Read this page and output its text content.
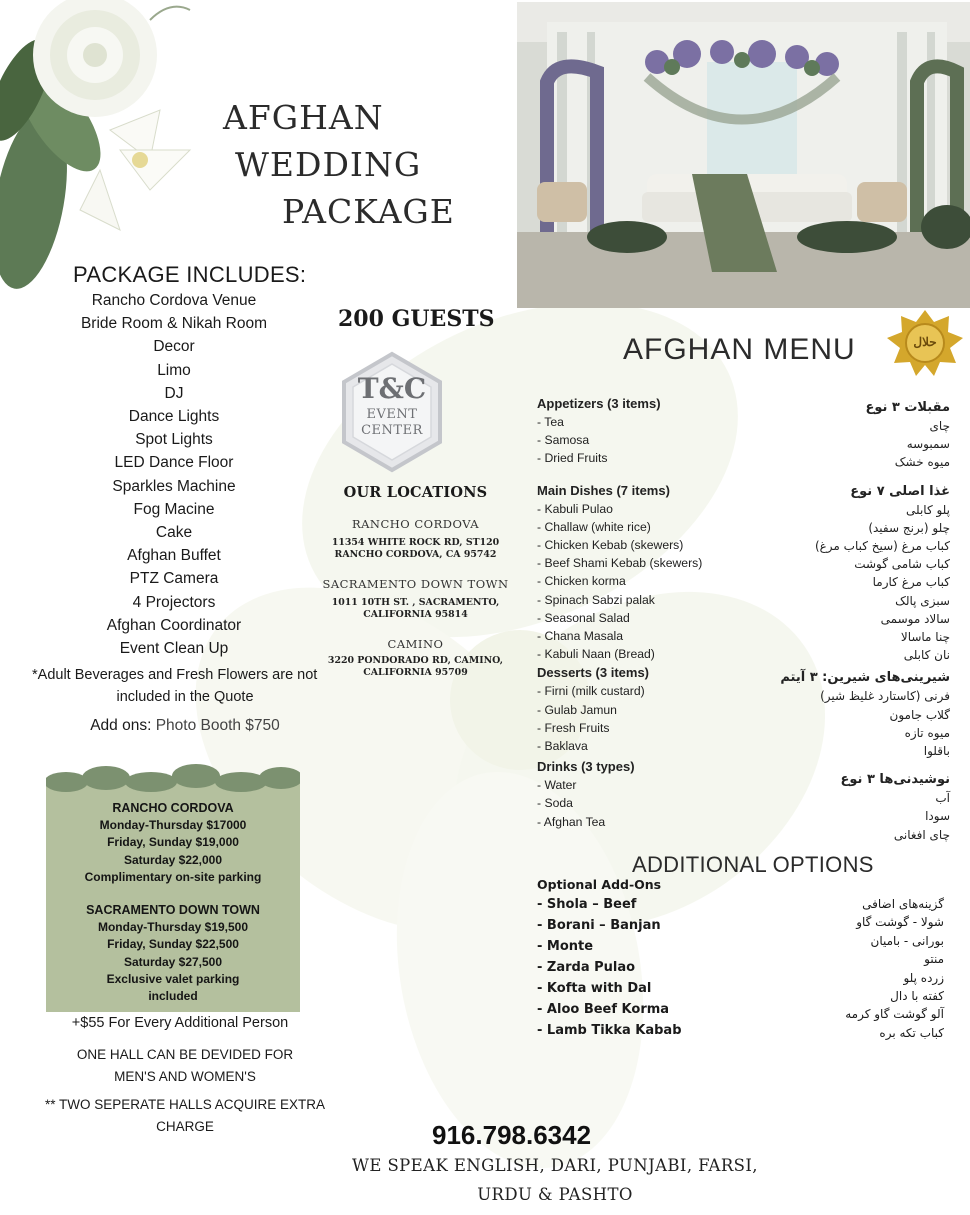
AFGHAN
WEDDING
PACKAGE
PACKAGE INCLUDES:
Rancho Cordova Venue
Bride Room & Nikah Room
Decor
Limo
DJ
Dance Lights
Spot Lights
LED Dance Floor
Sparkles Machine
Fog Macine
Cake
Afghan Buffet
PTZ Camera
4 Projectors
Afghan Coordinator
Event Clean Up
*Adult Beverages and Fresh Flowers are not
included in the Quote
Add ons: Photo Booth $750
200 GUESTS
T&C
EVENT
CENTER
OUR LOCATIONS
RANCHO CORDOVA
11354 WHITE ROCK RD, ST120
RANCHO CORDOVA, CA 95742
SACRAMENTO DOWN TOWN
1011 10TH ST. , SACRAMENTO,
CALIFORNIA 95814
CAMINO
3220 PONDORADO RD, CAMINO,
CALIFORNIA 95709
RANCHO CORDOVA
Monday-Thursday $17000
Friday, Sunday $19,000
Saturday $22,000
Complimentary on-site parking
SACRAMENTO DOWN TOWN
Monday-Thursday $19,500
Friday, Sunday $22,500
Saturday $27,500
Exclusive valet parking
included
+$55 For Every Additional Person
ONE HALL CAN BE DEVIDED FOR
MEN'S AND WOMEN'S
** TWO SEPERATE HALLS ACQUIRE EXTRA
CHARGE
AFGHAN MENU	حلال
Appetizers (3 items)
- Tea
- Samosa
- Dried Fruits
Main Dishes (7 items)
- Kabuli Pulao
- Challaw (white rice)
- Chicken Kebab (skewers)
- Beef Shami Kebab (skewers)
- Chicken korma
- Spinach Sabzi palak
- Seasonal Salad
- Chana Masala
- Kabuli Naan (Bread)
Desserts (3 items)
- Firni (milk custard)
- Gulab Jamun
- Fresh Fruits
- Baklava
Drinks (3 types)
- Water
- Soda
- Afghan Tea
مقبلات ۳ نوع
چای
سمبوسه
میوه خشک
غذا اصلی ۷ نوع
پلو کابلی
چلو (برنج سفید)
کباب مرغ (سیخ کباب مرغ)
کباب شامی گوشت
کباب مرغ کارما
سبزی پالک
سالاد موسمی
چنا ماسالا
نان کابلی
شیرینی‌های شیرین: ۳ آیتم
فرنی (کاستارد غلیظ شیر)
گلاب جامون
میوه تازه
باقلوا
نوشیدنی‌ها ۳ نوع
آب
سودا
چای افغانی
ADDITIONAL OPTIONS
Optional Add-Ons
- Shola – Beef
- Borani – Banjan
- Monte
- Zarda Pulao
- Kofta with Dal
- Aloo Beef Korma
- Lamb Tikka Kabab
گزینه‌های اضافی
شولا - گوشت گاو
بورانی - بامیان
منتو
زرده پلو
کفته با دال
آلو گوشت گاو کرمه
کباب تکه بره
916.798.6342
WE SPEAK ENGLISH, DARI, PUNJABI, FARSI,
URDU & PASHTO
